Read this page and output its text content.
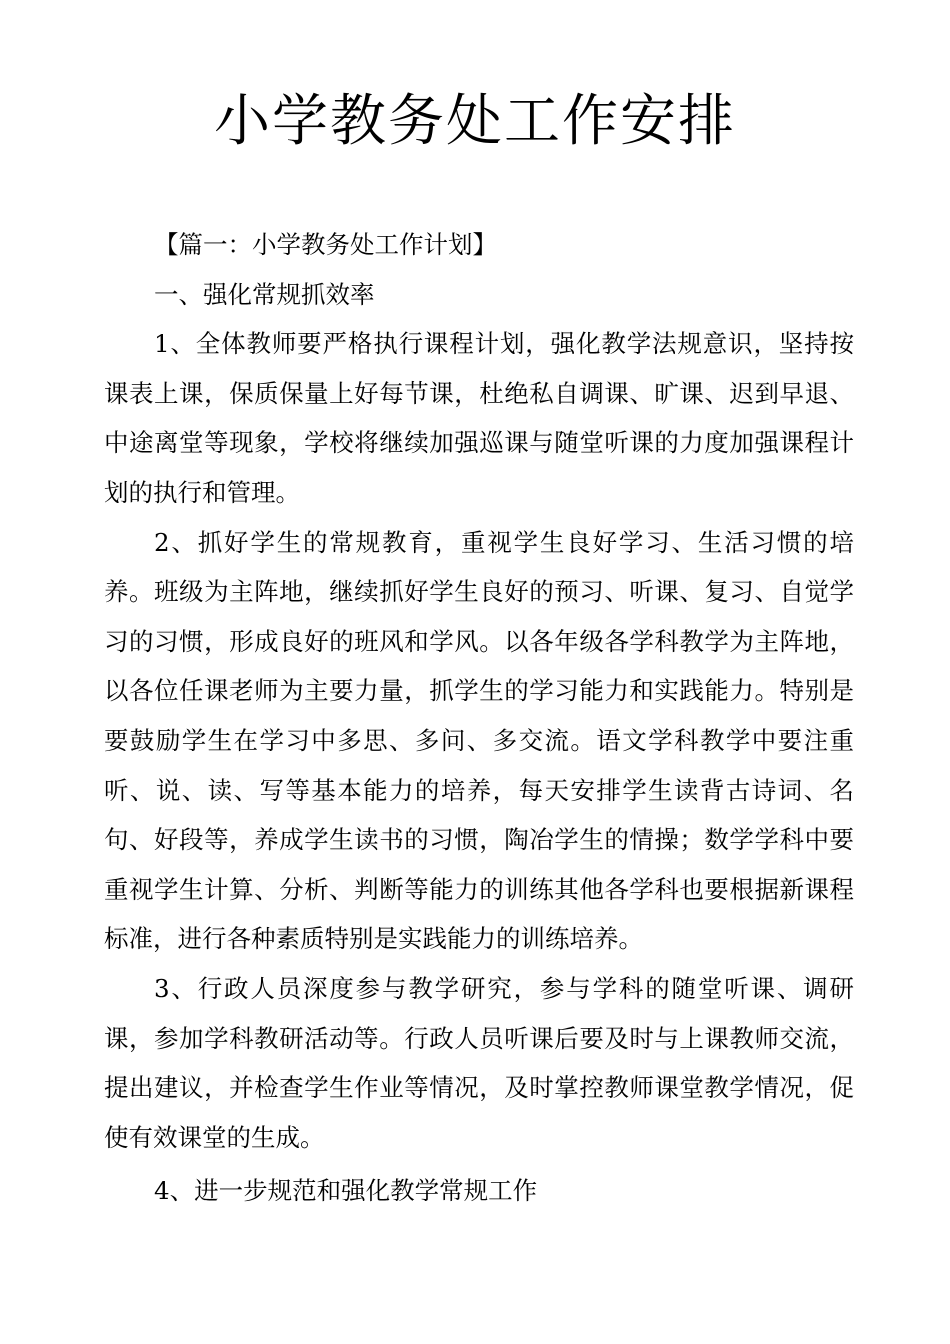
小学教务处工作安排

【篇一：小学教务处工作计划】

一、强化常规抓效率

1、全体教师要严格执行课程计划，强化教学法规意识，坚持按课表上课，保质保量上好每节课，杜绝私自调课、旷课、迟到早退、中途离堂等现象，学校将继续加强巡课与随堂听课的力度加强课程计划的执行和管理。

2、抓好学生的常规教育，重视学生良好学习、生活习惯的培养。班级为主阵地，继续抓好学生良好的预习、听课、复习、自觉学习的习惯，形成良好的班风和学风。以各年级各学科教学为主阵地，以各位任课老师为主要力量，抓学生的学习能力和实践能力。特别是要鼓励学生在学习中多思、多问、多交流。语文学科教学中要注重听、说、读、写等基本能力的培养，每天安排学生读背古诗词、名句、好段等，养成学生读书的习惯，陶冶学生的情操；数学学科中要重视学生计算、分析、判断等能力的训练其他各学科也要根据新课程标准，进行各种素质特别是实践能力的训练培养。

3、行政人员深度参与教学研究，参与学科的随堂听课、调研课，参加学科教研活动等。行政人员听课后要及时与上课教师交流，提出建议，并检查学生作业等情况，及时掌控教师课堂教学情况，促使有效课堂的生成。

4、进一步规范和强化教学常规工作
